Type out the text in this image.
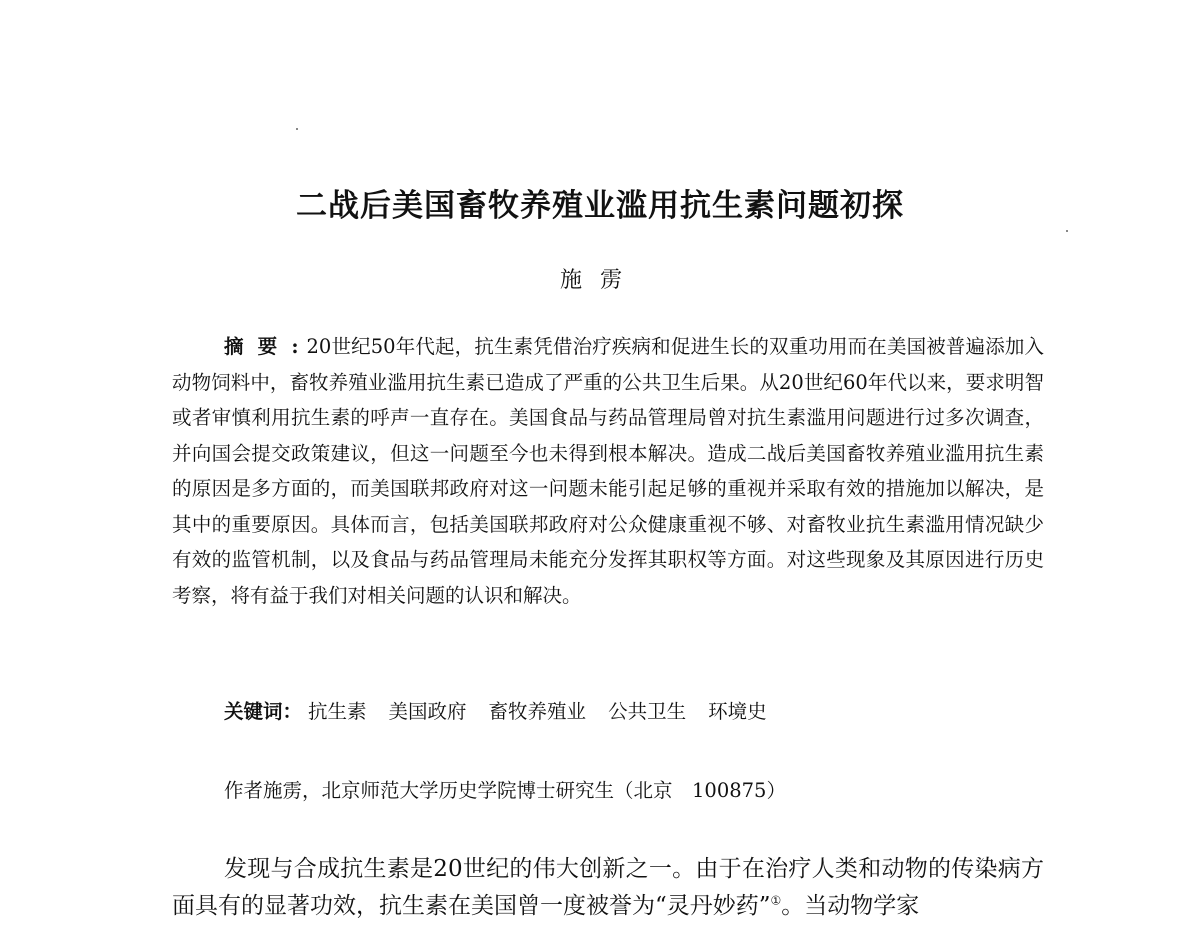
二战后美国畜牧养殖业滥用抗生素问题初探
施雳
摘要: 20世纪50年代起，抗生素凭借治疗疾病和促进生长的双重功用而在美国被普遍添加入动物饲料中，畜牧养殖业滥用抗生素已造成了严重的公共卫生后果。从20世纪60年代以来，要求明智或者审慎利用抗生素的呼声一直存在。美国食品与药品管理局曾对抗生素滥用问题进行过多次调查，并向国会提交政策建议，但这一问题至今也未得到根本解决。造成二战后美国畜牧养殖业滥用抗生素的原因是多方面的，而美国联邦政府对这一问题未能引起足够的重视并采取有效的措施加以解决，是其中的重要原因。具体而言，包括美国联邦政府对公众健康重视不够、对畜牧业抗生素滥用情况缺少有效的监管机制，以及食品与药品管理局未能充分发挥其职权等方面。对这些现象及其原因进行历史考察，将有益于我们对相关问题的认识和解决。
关键词： 抗生素 美国政府 畜牧养殖业 公共卫生 环境史
作者施雳，北京师范大学历史学院博士研究生（北京　100875）
发现与合成抗生素是20世纪的伟大创新之一。由于在治疗人类和动物的传染病方面具有的显著功效，抗生素在美国曾一度被誉为“灵丹妙药”①。当动物学家
